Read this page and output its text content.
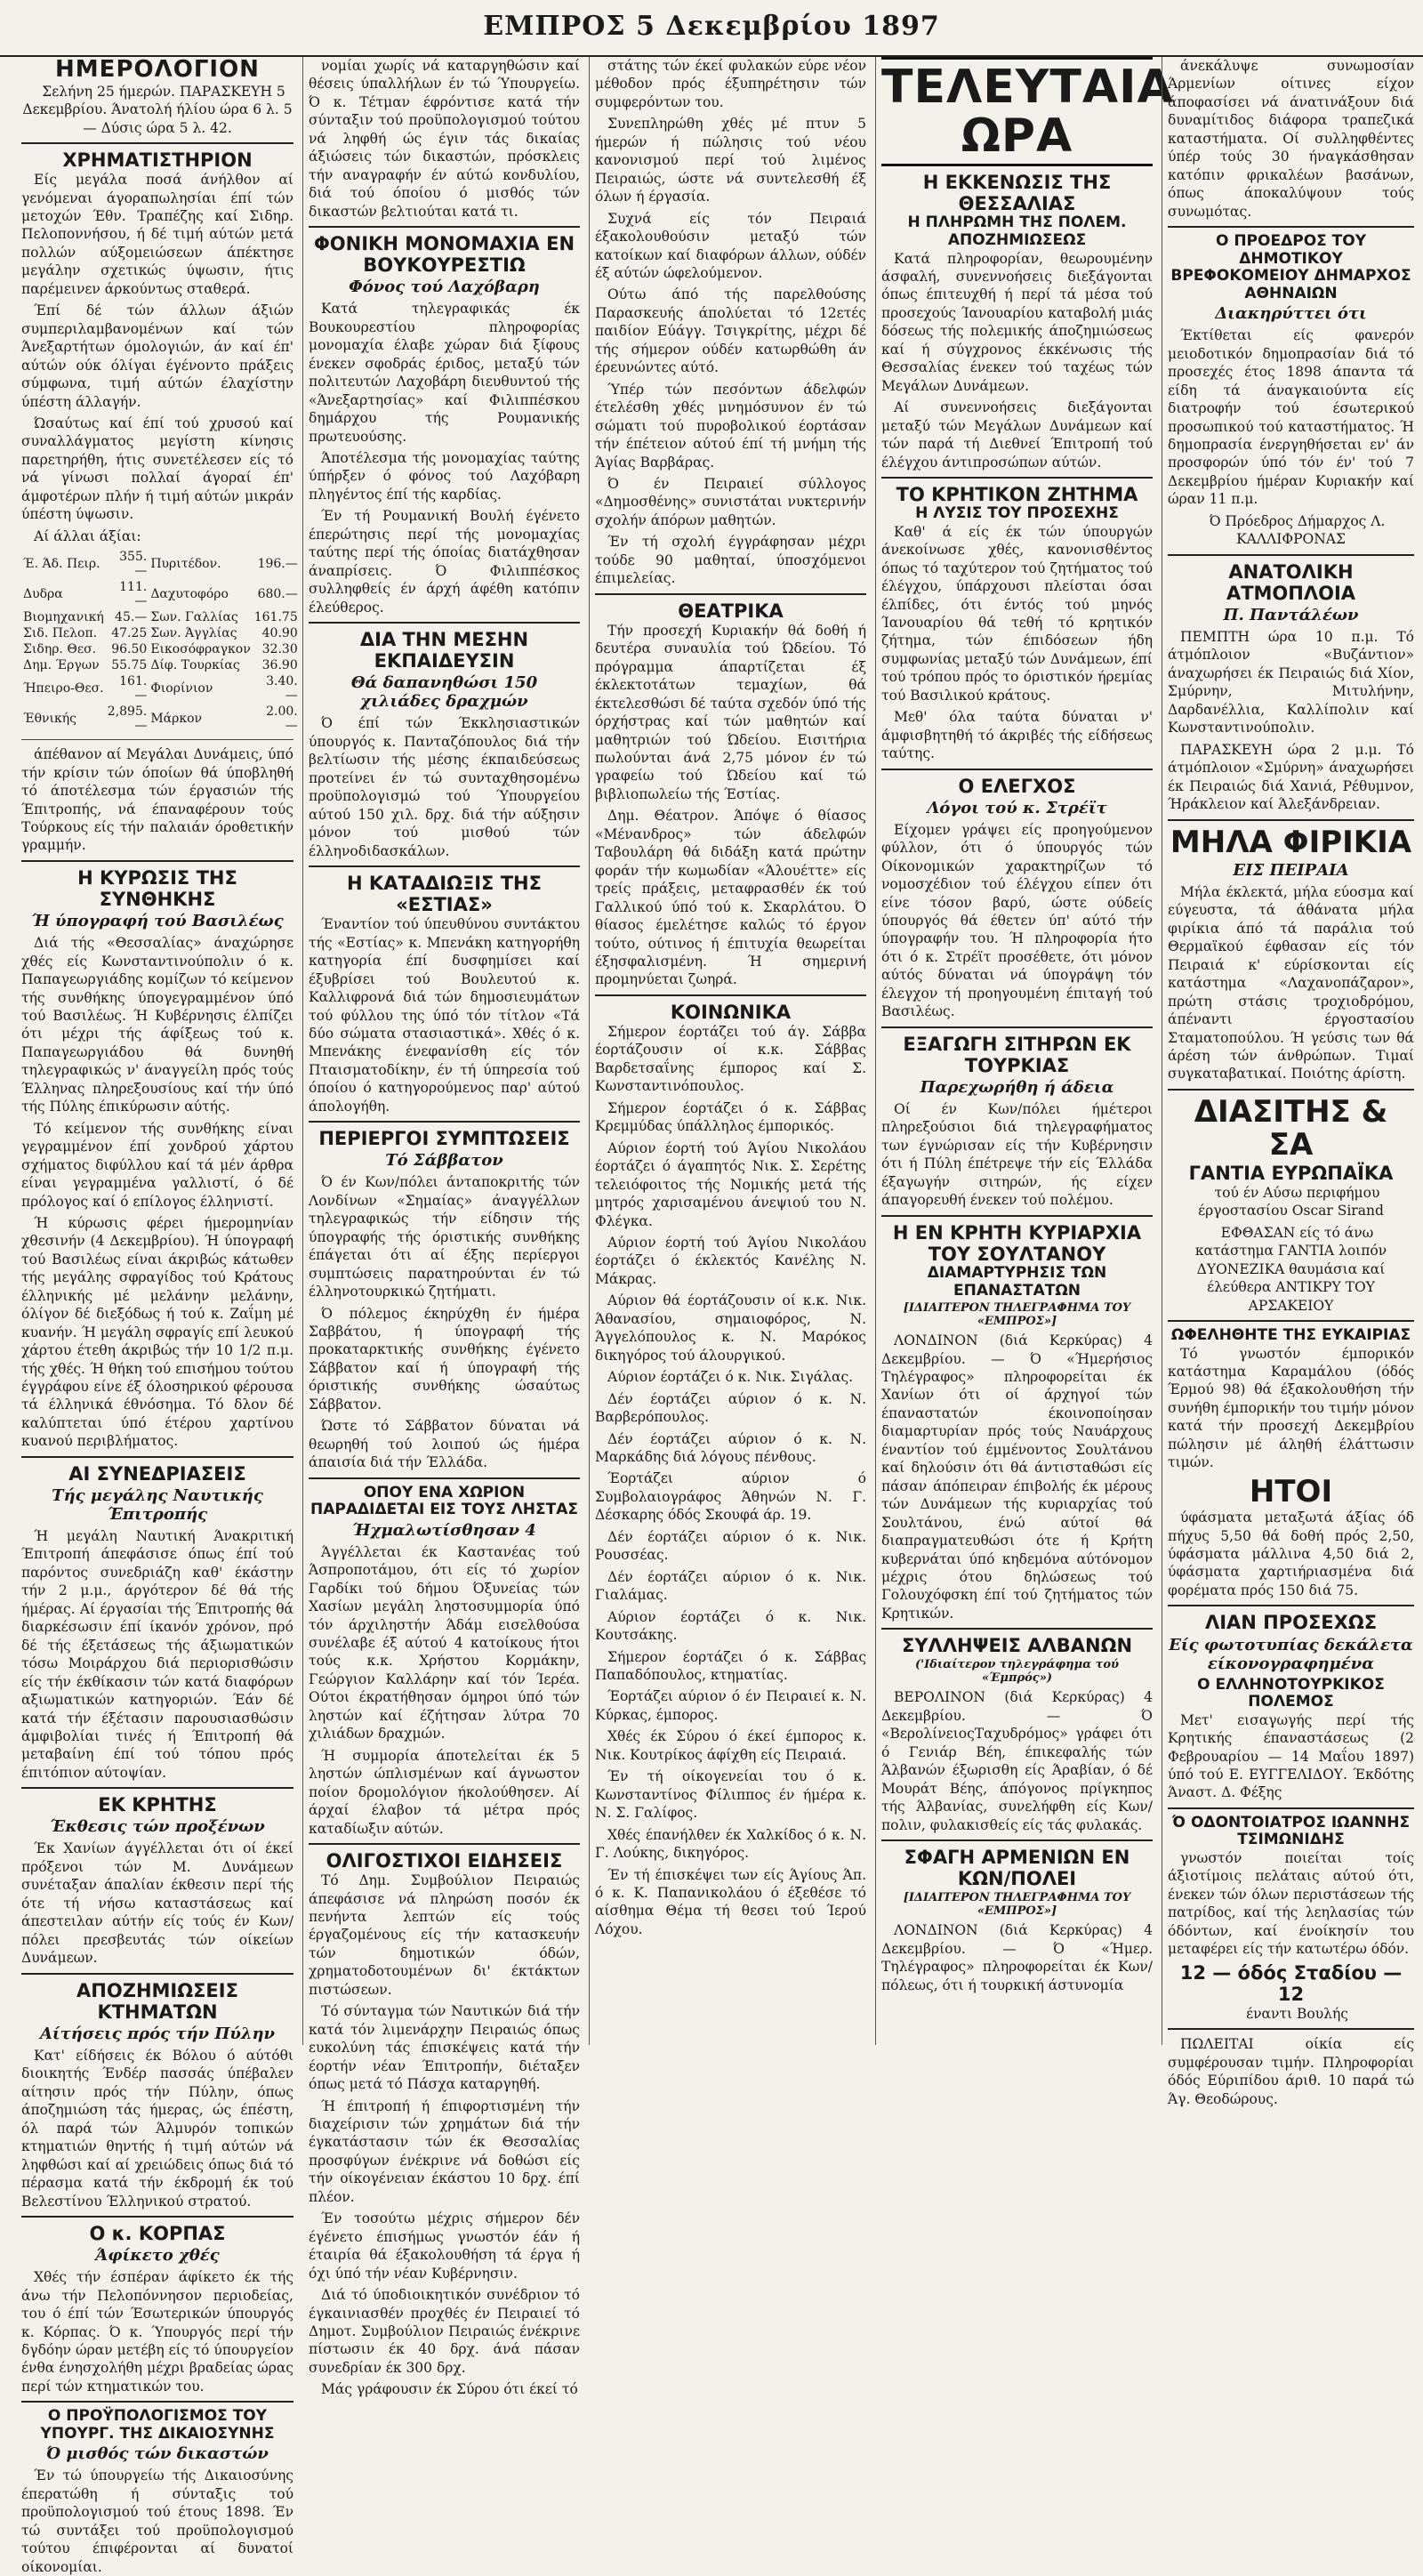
ΕΜΠΡΟΣ 5 Δεκεμβρίου 1897
ΗΜΕΡΟΛΟΓΙΟΝ

Σελήνη 25 ήμερών. ΠΑΡΑΣΚΕΥΗ 5 Δεκεμβρίου. Άνατολή ήλίου ώρα 6 λ. 5 — Δύσις ώρα 5 λ. 42.

ΧΡΗΜΑΤΙΣΤΗΡΙΟΝ

Είς μεγάλα ποσά άνήλθον αί γενόμεναι άγοραπωλησίαι έπί τών μετοχών Έθν. Τραπέζης καί Σιδηρ. Πελοποννήσου, ή δέ τιμή αύτών μετά πολλών αύξομειώσεων άπέκτησε μεγάλην σχετικώς ύψωσιν, ήτις παρέμεινεν άρκούντως σταθερά.

Έπί δέ τών άλλων άξιών συμπεριλαμβανομένων καί τών Άνεξαρτήτων όμολογιών, άν καί έπ' αύτών ούκ όλίγαι έγένοντο πράξεις σύμφωνα, τιμή αύτών έλαχίστην ύπέστη άλλαγήν.

Ώσαύτως καί έπί τού χρυσού καί συναλλάγματος μεγίστη κίνησις παρετηρήθη, ήτις συνετέλεσεν είς τό νά γίνωσι πολλαί άγοραί έπ' άμφοτέρων πλήν ή τιμή αύτών μικράν ύπέστη ύψωσιν.

Αί άλλαι άξίαι:

Έ. Άδ. Πειρ.	355.—	Πυριτέδον.	196.—
Δυδρα	111.—	Δαχυτοφόρο	680.—
Βιομηχανική	45.—	Σων. Γαλλίας	161.75
Σιδ. Πελοπ.	47.25	Σων. Άγγλίας	40.90
Σιδηρ. Θεσ.	96.50	Εικοσόφραγκον	32.30
Δημ. Έργων	55.75	Δίφ. Τουρκίας	36.90
Ήπειρο-Θεσ.	161.—	Φιορίνιον	3.40.—
Έθνικής	2,895.—	Μάρκον	2.00.—

άπέθανον αί Μεγάλαι Δυνάμεις, ύπό τήν κρίσιν τών όποίων θά ύποβληθή τό άποτέλεσμα τών έργασιών τής Έπιτροπής, νά έπαναφέρουν τούς Τούρκους είς τήν παλαιάν όροθετικήν γραμμήν.

Η ΚΥΡΩΣΙΣ ΤΗΣ ΣΥΝΘΗΚΗΣ
Ή ύπογραφή τού Βασιλέως

Διά τής «Θεσσαλίας» άναχώρησε χθές είς Κωνσταντινούπολιν ό κ. Παπαγεωργιάδης κομίζων τό κείμενον τής συνθήκης ύπογεγραμμένον ύπό τού Βασιλέως. Ή Κυβέρνησις έλπίζει ότι μέχρι τής άφίξεως τού κ. Παπαγεωργιάδου θά δυνηθή τηλεγραφικώς ν' άναγγείλη πρός τούς Έλληνας πληρεξουσίους καί τήν ύπό τής Πύλης έπικύρωσιν αύτής.

Τό κείμενον τής συνθήκης είναι γεγραμμένον έπί χονδρού χάρτου σχήματος διφύλλου καί τά μέν άρθρα είναι γεγραμμένα γαλλιστί, ό δέ πρόλογος καί ό επίλογος έλληνιστί.

Ή κύρωσις φέρει ήμερομηνίαν χθεσινήν (4 Δεκεμβρίου). Ή ύπογραφή τού Βασιλέως είναι άκριβώς κάτωθεν τής μεγάλης σφραγίδος τού Κράτους έλληνικής μέ μελάνην μελάνην, όλίγον δέ διεξόδως ή τού κ. Ζαΐμη μέ κυανήν. Ή μεγάλη σφραγίς επί λευκού χάρτου έτεθη άκριβώς τήν 10 1/2 π.μ. τής χθές. Ή θήκη τού επισήμου τούτου έγγράφου είνε έξ όλοσηρικού φέρουσα τά έλληνικά έθνόσημα. Τό δλον δέ καλύπτεται ύπό έτέρου χαρτίνου κυανού περιβλήματος.

ΑΙ ΣΥΝΕΔΡΙΑΣΕΙΣ
Τής μεγάλης Ναυτικής Έπιτροπής

Ή μεγάλη Ναυτική Άνακριτική Έπιτροπή άπεφάσισε όπως έπί τού παρόντος συνεδριάζη καθ' έκάστην τήν 2 μ.μ., άργότερον δέ θά τής ήμέρας. Αί έργασίαι τής Έπιτροπής θά διαρκέσωσιν έπί ίκανόν χρόνον, πρό δέ τής έξετάσεως τής άξιωματικών τόσω Μοιράρχου διά περιορισθώσιν είς τήν έκθίκασιν τών κατά διαφόρων αξιωματικών κατηγοριών. Έάν δέ κατά τήν έξέτασιν παρουσιασθώσιν άμφιβολίαι τινές ή Έπιτροπή θά μεταβαίνη έπί τού τόπου πρός έπιτόπιον αύτοψίαν.

ΕΚ ΚΡΗΤΗΣ
Έκθεσις τών προξένων

Έκ Χανίων άγγέλλεται ότι οί έκεί πρόξενοι τών Μ. Δυνάμεων συνέταξαν άπαλίαν έκθεσιν περί τής ότε τή νήσω καταστάσεως καί άπεστειλαν αύτήν είς τούς έν Κων/πόλει πρεσβευτάς τών οίκείων Δυνάμεων.

ΑΠΟΖΗΜΙΩΣΕΙΣ ΚΤΗΜΑΤΩΝ
Αίτήσεις πρός τήν Πύλην

Κατ' είδήσεις έκ Βόλου ό αύτόθι διοικητής Ένδέρ πασσάς ύπέβαλεν αίτησιν πρός τήν Πύλην, όπως άποζημιώση τάς ήμερας, ώς έπέστη, όλ παρά τών Άλμυρόν τοπικών κτηματιών θηντής ή τιμή αύτών νά ληφθώσι καί αί χρειώδεις όπως διά τό πέρασμα κατά τήν έκδρομή έκ τού Βελεστίνου Έλληνικού στρατού.

Ο κ. ΚΟΡΠΑΣ
Άφίκετο χθές

Χθές τήν έσπέραν άφίκετο έκ τής άνω τήν Πελοπόννησον περιοδείας, του ό έπί τών Έσωτερικών ύπουργός κ. Κόρπας. Ό κ. Ύπουργός περί τήν δγδόην ώραν μετέβη είς τό ύπουργείον ένθα ένησχολήθη μέχρι βραδείας ώρας περί τών κτηματικών του.

Ο ΠΡΟΫΠΟΛΟΓΙΣΜΟΣ ΤΟΥ ΥΠΟΥΡΓ. ΤΗΣ ΔΙΚΑΙΟΣΥΝΗΣ
Ό μισθός τών δικαστών

Έν τώ ύπουργείω τής Δικαιοσύνης έπερατώθη ή σύνταξις τού προϋπολογισμού τού έτους 1898. Έν τώ συντάξει τού προϋπολογισμού τούτου έπιφέρονται αί δυνατοί οίκονομίαι.

νομίαι χωρίς νά καταργηθώσιν καί θέσεις ύπαλλήλων έν τώ Ύπουργείω. Ό κ. Τέτμαν έφρόντισε κατά τήν σύνταξιν τού προϋπολογισμού τούτου νά ληφθή ώς έγιν τάς δικαίας άξιώσεις τών δικαστών, πρόσκλεις τήν αναγραφήν έν αύτώ κονδυλίου, διά τού όποίου ό μισθός τών δικαστών βελτιούται κατά τι.

ΦΟΝΙΚΗ ΜΟΝΟΜΑΧΙΑ ΕΝ ΒΟΥΚΟΥΡΕΣΤΙΩ
Φόνος τού Λαχόβαρη

Κατά τηλεγραφικάς έκ Βουκουρεστίου πληροφορίας μονομαχία έλαβε χώραν διά ξίφους ένεκεν σφοδράς έριδος, μεταξύ τών πολιτευτών Λαχοβάρη διευθυντού τής «Άνεξαρτησίας» καί Φιλιππέσκου δημάρχου τής Ρουμανικής πρωτευούσης.

Άποτέλεσμα τής μονομαχίας ταύτης ύπήρξεν ό φόνος τού Λαχόβαρη πληγέντος έπί τής καρδίας.

Έν τή Ρουμανική Βουλή έγένετο έπερώτησις περί τής μονομαχίας ταύτης περί τής όποίας διατάχθησαν άναπρίσεις. Ό Φιλιππέσκος συλληφθείς έν άρχή άφέθη κατόπιν έλεύθερος.

ΔΙΑ ΤΗΝ ΜΕΣΗΝ ΕΚΠΑΙΔΕΥΣΙΝ
Θά δαπανηθώσι 150 χιλιάδες δραχμών

Ό έπί τών Έκκλησιαστικών ύπουργός κ. Πανταζόπουλος διά τήν βελτίωσιν τής μέσης έκπαιδεύσεως προτείνει έν τώ συνταχθησομένω προϋπολογισμώ τού Ύπουργείου αύτού 150 χιλ. δρχ. διά τήν αύξησιν μόνον τού μισθού τών έλληνοδιδασκάλων.

Η ΚΑΤΑΔΙΩΞΙΣ ΤΗΣ «ΕΣΤΙΑΣ»

Έναντίον τού ύπευθύνου συντάκτου τής «Εστίας» κ. Μπενάκη κατηγορήθη κατηγορία έπί δυσφημίσει καί έξυβρίσει τού Βουλευτού κ. Καλλιφρονά διά τών δημοσιευμάτων τού φύλλου της ύπό τόν τίτλον «Τά δύο σώματα στασιαστικά». Χθές ό κ. Μπενάκης ένεφανίσθη είς τόν Πταισματοδίκην, έν τή ύπηρεσία τού όποίου ό κατηγορούμενος παρ' αύτού άπολογήθη.

ΠΕΡΙΕΡΓΟΙ ΣΥΜΠΤΩΣΕΙΣ
Τό Σάββατον

Ό έν Κων/πόλει άνταποκριτής τών Λονδίνων «Σημαίας» άναγγέλλων τηλεγραφικώς τήν είδησιν τής ύπογραφής τής όριστικής συνθήκης έπάγεται ότι αί έξης περίεργοι συμπτώσεις παρατηρούνται έν τώ έλληνοτουρκικώ ζητήματι.

Ό πόλεμος έκηρύχθη έν ήμέρα Σαββάτου, ή ύπογραφή τής προκαταρκτικής συνθήκης έγένετο Σάββατον καί ή ύπογραφή τής όριστικής συνθήκης ώσαύτως Σάββατον.

Ώστε τό Σάββατον δύναται νά θεωρηθή τού λοιπού ώς ήμέρα άπαισία διά τήν Έλλάδα.

ΟΠΟΥ ΕΝΑ ΧΩΡΙΟΝ ΠΑΡΑΔΙΔΕΤΑΙ ΕΙΣ ΤΟΥΣ ΛΗΣΤΑΣ
Ήχμαλωτίσθησαν 4

Άγγέλλεται έκ Καστανέας τού Άσπροποτάμου, ότι είς τό χωρίον Γαρδίκι τού δήμου Όξυνείας τών Χασίων μεγάλη ληστοσυμμορία ύπό τόν άρχιληστήν Άδάμ εισελθούσα συνέλαβε έξ αύτού 4 κατοίκους ήτοι τούς κ.κ. Χρήστου Κορμάκην, Γεώργιον Καλλάρην καί τόν Ίερέα. Ούτοι έκρατήθησαν όμηροι ύπό τών ληστών καί έζήτησαν λύτρα 70 χιλιάδων δραχμών.

Ή συμμορία άποτελείται έκ 5 ληστών ώπλισμένων καί άγνωστον ποίον δρομολόγιον ήκολούθησεν. Αί άρχαί έλαβον τά μέτρα πρός καταδίωξιν αύτών.

ΟΛΙΓΟΣΤΙΧΟΙ ΕΙΔΗΣΕΙΣ

Τό Δημ. Συμβούλιον Πειραιώς άπεφάσισε νά πληρώση ποσόν έκ πενήντα λεπτών είς τούς έργαζομένους είς τήν κατασκευήν τών δημοτικών όδών, χρηματοδοτουμένων δι' έκτάκτων πιστώσεων.

Τό σύνταγμα τών Ναυτικών διά τήν κατά τόν λιμενάρχην Πειραιώς όπως ευκολύνη τάς έπισκέψεις κατά τήν έορτήν νέαν Έπιτροπήν, διέταξεν όπως μετά τό Πάσχα καταργηθή.

Ή έπιτροπή ή έπιφορτισμένη τήν διαχείρισιν τών χρημάτων διά τήν έγκατάστασιν τών έκ Θεσσαλίας προσφύγων ένέκρινε νά δοθώσι είς τήν οίκογένειαν έκάστου 10 δρχ. έπί πλέον.

Έν τοσούτω μέχρις σήμερον δέν έγένετο έπισήμως γνωστόν έάν ή έταιρία θά έξακολουθήση τά έργα ή όχι ύπό τήν νέαν Κυβέρνησιν.

Διά τό ύποδιοικητικόν συνέδριον τό έγκαινιασθέν προχθές έν Πειραιεί τό Δημοτ. Συμβούλιον Πειραιώς ένέκρινε πίστωσιν έκ 40 δρχ. άνά πάσαν συνεδρίαν έκ 300 δρχ.

Μάς γράφουσιν έκ Σύρου ότι έκεί τό

στάτης τών έκεί φυλακών εύρε νέον μέθοδον πρός έξυπηρέτησιν τών συμφερόντων του.

Συνεπληρώθη χθές μέ πτυν 5 ήμερών ή πώλησις τού νέου κανονισμού περί τού λιμένος Πειραιώς, ώστε νά συντελεσθή έξ όλων ή έργασία.

Συχνά είς τόν Πειραιά έξακολουθούσιν μεταξύ τών κατοίκων καί διαφόρων άλλων, ούδέν έξ αύτών ώφελούμενον.

Ούτω άπό τής παρελθούσης Παρασκευής άπολύεται τό 12ετές παιδίον Εύάγγ. Τσιγκρίτης, μέχρι δέ τής σήμερον ούδέν κατωρθώθη άν έρευνώντες αύτό.

Ύπέρ τών πεσόντων άδελφών έτελέσθη χθές μνημόσυνον έν τώ σώματι τού πυροβολικού έορτάσαν τήν έπέτειον αύτού έπί τή μνήμη τής Άγίας Βαρβάρας.

Ό έν Πειραιεί σύλλογος «Δημοσθένης» συνιστάται νυκτερινήν σχολήν άπόρων μαθητών.

Έν τή σχολή έγγράφησαν μέχρι τούδε 90 μαθηταί, ύποσχόμενοι έπιμελείας.

ΘΕΑΤΡΙΚΑ

Τήν προσεχή Κυριακήν θά δοθή ή δευτέρα συναυλία τού Ώδείου. Τό πρόγραμμα άπαρτίζεται έξ έκλεκτοτάτων τεμαχίων, θά έκτελεσθώσι δέ ταύτα σχεδόν ύπό τής όρχήστρας καί τών μαθητών καί μαθητριών τού Ώδείου. Εισιτήρια πωλούνται άνά 2,75 μόνον έν τώ γραφείω τού Ώδείου καί τώ βιβλιοπωλείω τής Έστίας.

Δημ. Θέατρον. Άπόψε ό θίασος «Μένανδρος» τών άδελφών Ταβουλάρη θά διδάξη κατά πρώτην φοράν τήν κωμωδίαν «Άλουέττε» είς τρείς πράξεις, μεταφρασθέν έκ τού Γαλλικού ύπό τού κ. Σκαρλάτου. Ό θίασος έμελέτησε καλώς τό έργον τούτο, ούτινος ή έπιτυχία θεωρείται έξησφαλισμένη. Ή σημερινή προμηνύεται ζωηρά.

ΚΟΙΝΩΝΙΚΑ

Σήμερον έορτάζει τού άγ. Σάββα έορτάζουσιν οί κ.κ. Σάββας Βαρδετσαΐνης έμπορος καί Σ. Κωνσταντινόπουλος.

Σήμερον έορτάζει ό κ. Σάββας Κρεμμύδας ύπάλληλος έμπορικός.

Αύριον έορτή τού Άγίου Νικολάου έορτάζει ό άγαπητός Νικ. Σ. Σερέτης τελειόφοιτος τής Νομικής μετά τής μητρός χαρισαμένου άνεψιού του Ν. Φλέγκα.

Αύριον έορτή τού Άγίου Νικολάου έορτάζει ό έκλεκτός Κανέλης Ν. Μάκρας.

Αύριον θά έορτάζουσιν οί κ.κ. Νικ. Άθανασίου, σημαιοφόρος, Ν. Άγγελόπουλος κ. Ν. Μαρόκος δικηγόρος τού άλουργικού.

Αύριον έορτάζει ό κ. Νικ. Σιγάλας.

Δέν έορτάζει αύριον ό κ. Ν. Βαρβερόπουλος.

Δέν έορτάζει αύριον ό κ. Ν. Μαρκάδης διά λόγους πένθους.

Έορτάζει αύριον ό Συμβολαιογράφος Άθηνών Ν. Γ. Δέσκαρης όδός Σκουφά άρ. 19.

Δέν έορτάζει αύριον ό κ. Νικ. Ρουσσέας.

Δέν έορτάζει αύριον ό κ. Νικ. Γιαλάμας.

Αύριον έορτάζει ό κ. Νικ. Κουτσάκης.

Σήμερον έορτάζει ό κ. Σάββας Παπαδόπουλος, κτηματίας.

Έορτάζει αύριον ό έν Πειραιεί κ. Ν. Κύρκας, έμπορος.

Χθές έκ Σύρου ό έκεί έμπορος κ. Νικ. Κουτρίκος άφίχθη είς Πειραιά.

Έν τή οίκογενείαι του ό κ. Κωνσταντίνος Φίλιππος έν ήμέρα κ. Ν. Σ. Γαλίφος.

Χθές έπανήλθεν έκ Χαλκίδος ό κ. Ν. Γ. Λούκης, δικηγόρος.

Έν τή έπισκέψει των είς Άγίους Άπ. ό κ. Κ. Παπανικολάου ό έξεθέσε τό αίσθημα Θέμα τή θεσει τού Ίερού Λόχου.

ΤΕΛΕΥΤΑΙΑ ΩΡΑ
Η ΕΚΚΕΝΩΣΙΣ ΤΗΣ ΘΕΣΣΑΛΙΑΣ
Η ΠΛΗΡΩΜΗ ΤΗΣ ΠΟΛΕΜ. ΑΠΟΖΗΜΙΩΣΕΩΣ

Κατά πληροφορίαν, θεωρουμένην άσφαλή, συνεννοήσεις διεξάγονται όπως έπιτευχθή ή περί τά μέσα τού προσεχούς Ίανουαρίου καταβολή μιάς δόσεως τής πολεμικής άποζημιώσεως καί ή σύγχρονος έκκένωσις τής Θεσσαλίας ένεκεν τού ταχέως τών Μεγάλων Δυνάμεων.

Αί συνεννοήσεις διεξάγονται μεταξύ τών Μεγάλων Δυνάμεων καί τών παρά τή Διεθνεί Έπιτροπή τού έλέγχου άντιπροσώπων αύτών.

ΤΟ ΚΡΗΤΙΚΟΝ ΖΗΤΗΜΑ
Η ΛΥΣΙΣ ΤΟΥ ΠΡΟΣΕΧΗΣ

Καθ' ά είς έκ τών ύπουργών άνεκοίνωσε χθές, κανονισθέντος όπως τό ταχύτερον τού ζητήματος τού έλέγχου, ύπάρχουσι πλείσται όσαι έλπίδες, ότι έντός τού μηνός Ίανουαρίου θά τεθή τό κρητικόν ζήτημα, τών έπιδόσεων ήδη συμφωνίας μεταξύ τών Δυνάμεων, έπί τού τρόπου πρός το όριστικόν ήρεμίας τού Βασιλικού κράτους.

Μεθ' όλα ταύτα δύναται ν' άμφισβητηθή τό άκριβές τής είδήσεως ταύτης.

Ο ΕΛΕΓΧΟΣ
Λόγοι τού κ. Στρέϊτ

Είχομεν γράψει είς προηγούμενον φύλλον, ότι ό ύπουργός τών Οίκονομικών χαρακτηρίζων τό νομοσχέδιον τού έλέγχου είπεν ότι είνε τόσον βαρύ, ώστε ούδείς ύπουργός θά έθετεν ύπ' αύτό τήν ύπογραφήν του. Ή πληροφορία ήτο ότι ό κ. Στρέϊτ προσέθετε, ότι μόνον αύτός δύναται νά ύπογράψη τόν έλεγχον τή προηγουμένη έπιταγή τού Βασιλέως.

ΕΞΑΓΩΓΗ ΣΙΤΗΡΩΝ ΕΚ ΤΟΥΡΚΙΑΣ
Παρεχωρήθη ή άδεια

Οί έν Κων/πόλει ήμέτεροι πληρεξούσιοι διά τηλεγραφήματος των έγνώρισαν είς τήν Κυβέρνησιν ότι ή Πύλη έπέτρεψε τήν είς Έλλάδα έξαγωγήν σιτηρών, ής είχεν άπαγορευθή ένεκεν τού πολέμου.

Η ΕΝ ΚΡΗΤΗ ΚΥΡΙΑΡΧΙΑ ΤΟΥ ΣΟΥΛΤΑΝΟΥ
ΔΙΑΜΑΡΤΥΡΗΣΙΣ ΤΩΝ ΕΠΑΝΑΣΤΑΤΩΝ
[ΙΔΙΑΙΤΕΡΟΝ ΤΗΛΕΓΡΑΦΗΜΑ ΤΟΥ «ΕΜΠΡΟΣ»]

ΛΟΝΔΙΝΟΝ (διά Κερκύρας) 4 Δεκεμβρίου. — Ό «Ήμερήσιος Τηλέγραφος» πληροφορείται έκ Χανίων ότι οί άρχηγοί τών έπαναστατών έκοινοποίησαν διαμαρτυρίαν πρός τούς Ναυάρχους έναντίον τού έμμένοντος Σουλτάνου καί δηλούσιν ότι θά άντισταθώσι είς πάσαν άπόπειραν έπιβολής έκ μέρους τών Δυνάμεων τής κυριαρχίας τού Σουλτάνου, ένώ αύτοί θά διαπραγματευθώσι ότε ή Κρήτη κυβερνάται ύπό κηδεμόνα αύτόνομον μέχρις ότου δηλώσεως τού Γολουχόφσκη έπί τού ζητήματος τών Κρητικών.

ΣΥΛΛΗΨΕΙΣ ΑΛΒΑΝΩΝ
('Ιδιαίτερον τηλεγράφημα τού «Έμπρός»)

ΒΕΡΟΛΙΝΟΝ (διά Κερκύρας) 4 Δεκεμβρίου. — Ό «ΒερολίνειοςΤαχυδρόμος» γράφει ότι ό Γενιάρ Βέη, έπικεφαλής τών Άλβανών έξωρισθη είς Άραβίαν, ό δέ Μουράτ Βέης, άπόγονος πρίγκηπος τής Άλβανίας, συνελήφθη είς Κων/πολιν, φυλακισθείς είς τάς φυλακάς.

ΣΦΑΓΗ ΑΡΜΕΝΙΩΝ ΕΝ ΚΩΝ/ΠΟΛΕΙ
[ΙΔΙΑΙΤΕΡΟΝ ΤΗΛΕΓΡΑΦΗΜΑ ΤΟΥ «ΕΜΠΡΟΣ»]

ΛΟΝΔΙΝΟΝ (διά Κερκύρας) 4 Δεκεμβρίου. — Ό «Ήμερ. Τηλέγραφος» πληροφορείται έκ Κων/πόλεως, ότι ή τουρκική άστυνομία

άνεκάλυψε συνωμοσίαν Άρμενίων οίτινες είχον άποφασίσει νά άνατινάξουν διά δυναμίτιδος διάφορα τραπεζικά καταστήματα. Οί συλληφθέντες ύπέρ τούς 30 ήναγκάσθησαν κατόπιν φρικαλέων βασάνων, όπως άποκαλύψουν τούς συνωμότας.

Ο ΠΡΟΕΔΡΟΣ ΤΟΥ ΔΗΜΟΤΙΚΟΥ ΒΡΕΦΟΚΟΜΕΙΟΥ ΔΗΜΑΡΧΟΣ ΑΘΗΝΑΙΩΝ
Διακηρύττει ότι

Έκτίθεται είς φανερόν μειοδοτικόν δημοπρασίαν διά τό προσεχές έτος 1898 άπαντα τά είδη τά άναγκαιούντα είς διατροφήν τού έσωτερικού προσωπικού τού καταστήματος. Ή δημοπρασία ένεργηθήσεται εν' άν προσφορών ύπό τόν έν' τού 7 Δεκεμβρίου ήμέραν Κυριακήν καί ώραν 11 π.μ.

Ό Πρόεδρος Δήμαρχος Λ. ΚΑΛΛΙΦΡΟΝΑΣ

ΑΝΑΤΟΛΙΚΗ ΑΤΜΟΠΛΟΙΑ
Π. Παντάλέων

ΠΕΜΠΤΗ ώρα 10 π.μ. Τό άτμόπλοιον «Βυζάντιον» άναχωρήσει έκ Πειραιώς διά Χίον, Σμύρνην, Μιτυλήνην, Δαρδανέλλια, Καλλίπολιν καί Κωνσταντινούπολιν.

ΠΑΡΑΣΚΕΥΗ ώρα 2 μ.μ. Τό άτμόπλοιον «Σμύρνη» άναχωρήσει έκ Πειραιώς διά Χανιά, Ρέθυμνον, Ήράκλειον καί Άλεξάνδρειαν.

ΜΗΛΑ ΦΙΡΙΚΙΑ
ΕΙΣ ΠΕΙΡΑΙΑ

Μήλα έκλεκτά, μήλα εύοσμα καί εύγευστα, τά άθάνατα μήλα φιρίκια άπό τά παράλια τού Θερμαϊκού έφθασαν είς τόν Πειραιά κ' εύρίσκονται είς κατάστημα «Λαχανοπάζαρον», πρώτη στάσις τροχιοδρόμου, άπέναντι έργοστασίου Σταματοπούλου. Ή γεύσις των θά άρέση τών άνθρώπων. Τιμαί συγκαταβατικαί. Ποιότης άρίστη.

ΔΙΑΣΙΤΗΣ & ΣΑ
ΓΑΝΤΙΑ ΕΥΡΩΠΑΪΚΑ

τού έν Αύσω περιφήμου έργοστασίου Oscar Sirand

ΕΦΘΑΣΑΝ είς τό άνω κατάστημα ΓΑΝΤΙΑ λοιπόν ΔΥΟΝΕΖΙΚΑ θαυμάσια καί έλεύθερα ΑΝΤΙΚΡΥ ΤΟΥ ΑΡΣΑΚΕΙΟΥ

ΩΦΕΛΗΘΗΤΕ ΤΗΣ ΕΥΚΑΙΡΙΑΣ

Τό γνωστόν έμπορικόν κατάστημα Καραμάλου (όδός Έρμού 98) θά έξακολουθήση τήν συνήθη έμπορικήν του τιμήν μόνον κατά τήν προσεχή Δεκεμβρίου πώλησιν μέ άληθή έλάττωσιν τιμών.

ΗΤΟΙ

ύφάσματα μεταξωτά άξίας όδ πήχυς 5,50 θά δοθή πρός 2,50, ύφάσματα μάλλινα 4,50 διά 2, ύφάσματα χαρτιήριασμένα διά φορέματα πρός 150 διά 75.

ΛΙΑΝ ΠΡΟΣΕΧΩΣ
Είς φωτοτυπίας δεκάλετα είκονογραφημένα
Ο ΕΛΛΗΝΟΤΟΥΡΚΙΚΟΣ ΠΟΛΕΜΟΣ

Μετ' εισαγωγής περί τής Κρητικής έπαναστάσεως (2 Φεβρουαρίου — 14 Μαΐου 1897) ύπό τού Ε. ΕΥΓΓΕΛΙΔΟΥ. Έκδότης Άναστ. Δ. Φέξης

Ό ΟΔΟΝΤΟΙΑΤΡΟΣ ΙΩΑΝΝΗΣ ΤΣΙΜΩΝΙΔΗΣ

γνωστόν ποιείται τοίς άξιοτίμοις πελάταις αύτού ότι, ένεκεν τών όλων περιστάσεων τής πατρίδος, καί τής λεηλασίας τών όδόντων, καί ένοίκησίν του μεταφέρει είς τήν κατωτέρω όδόν.

12 — όδός Σταδίου — 12

έναντι Βουλής

ΠΩΛΕΙΤΑΙ οίκία είς συμφέρουσαν τιμήν. Πληροφορίαι όδός Εύριπίδου άριθ. 10 παρά τώ Άγ. Θεοδώρους.
